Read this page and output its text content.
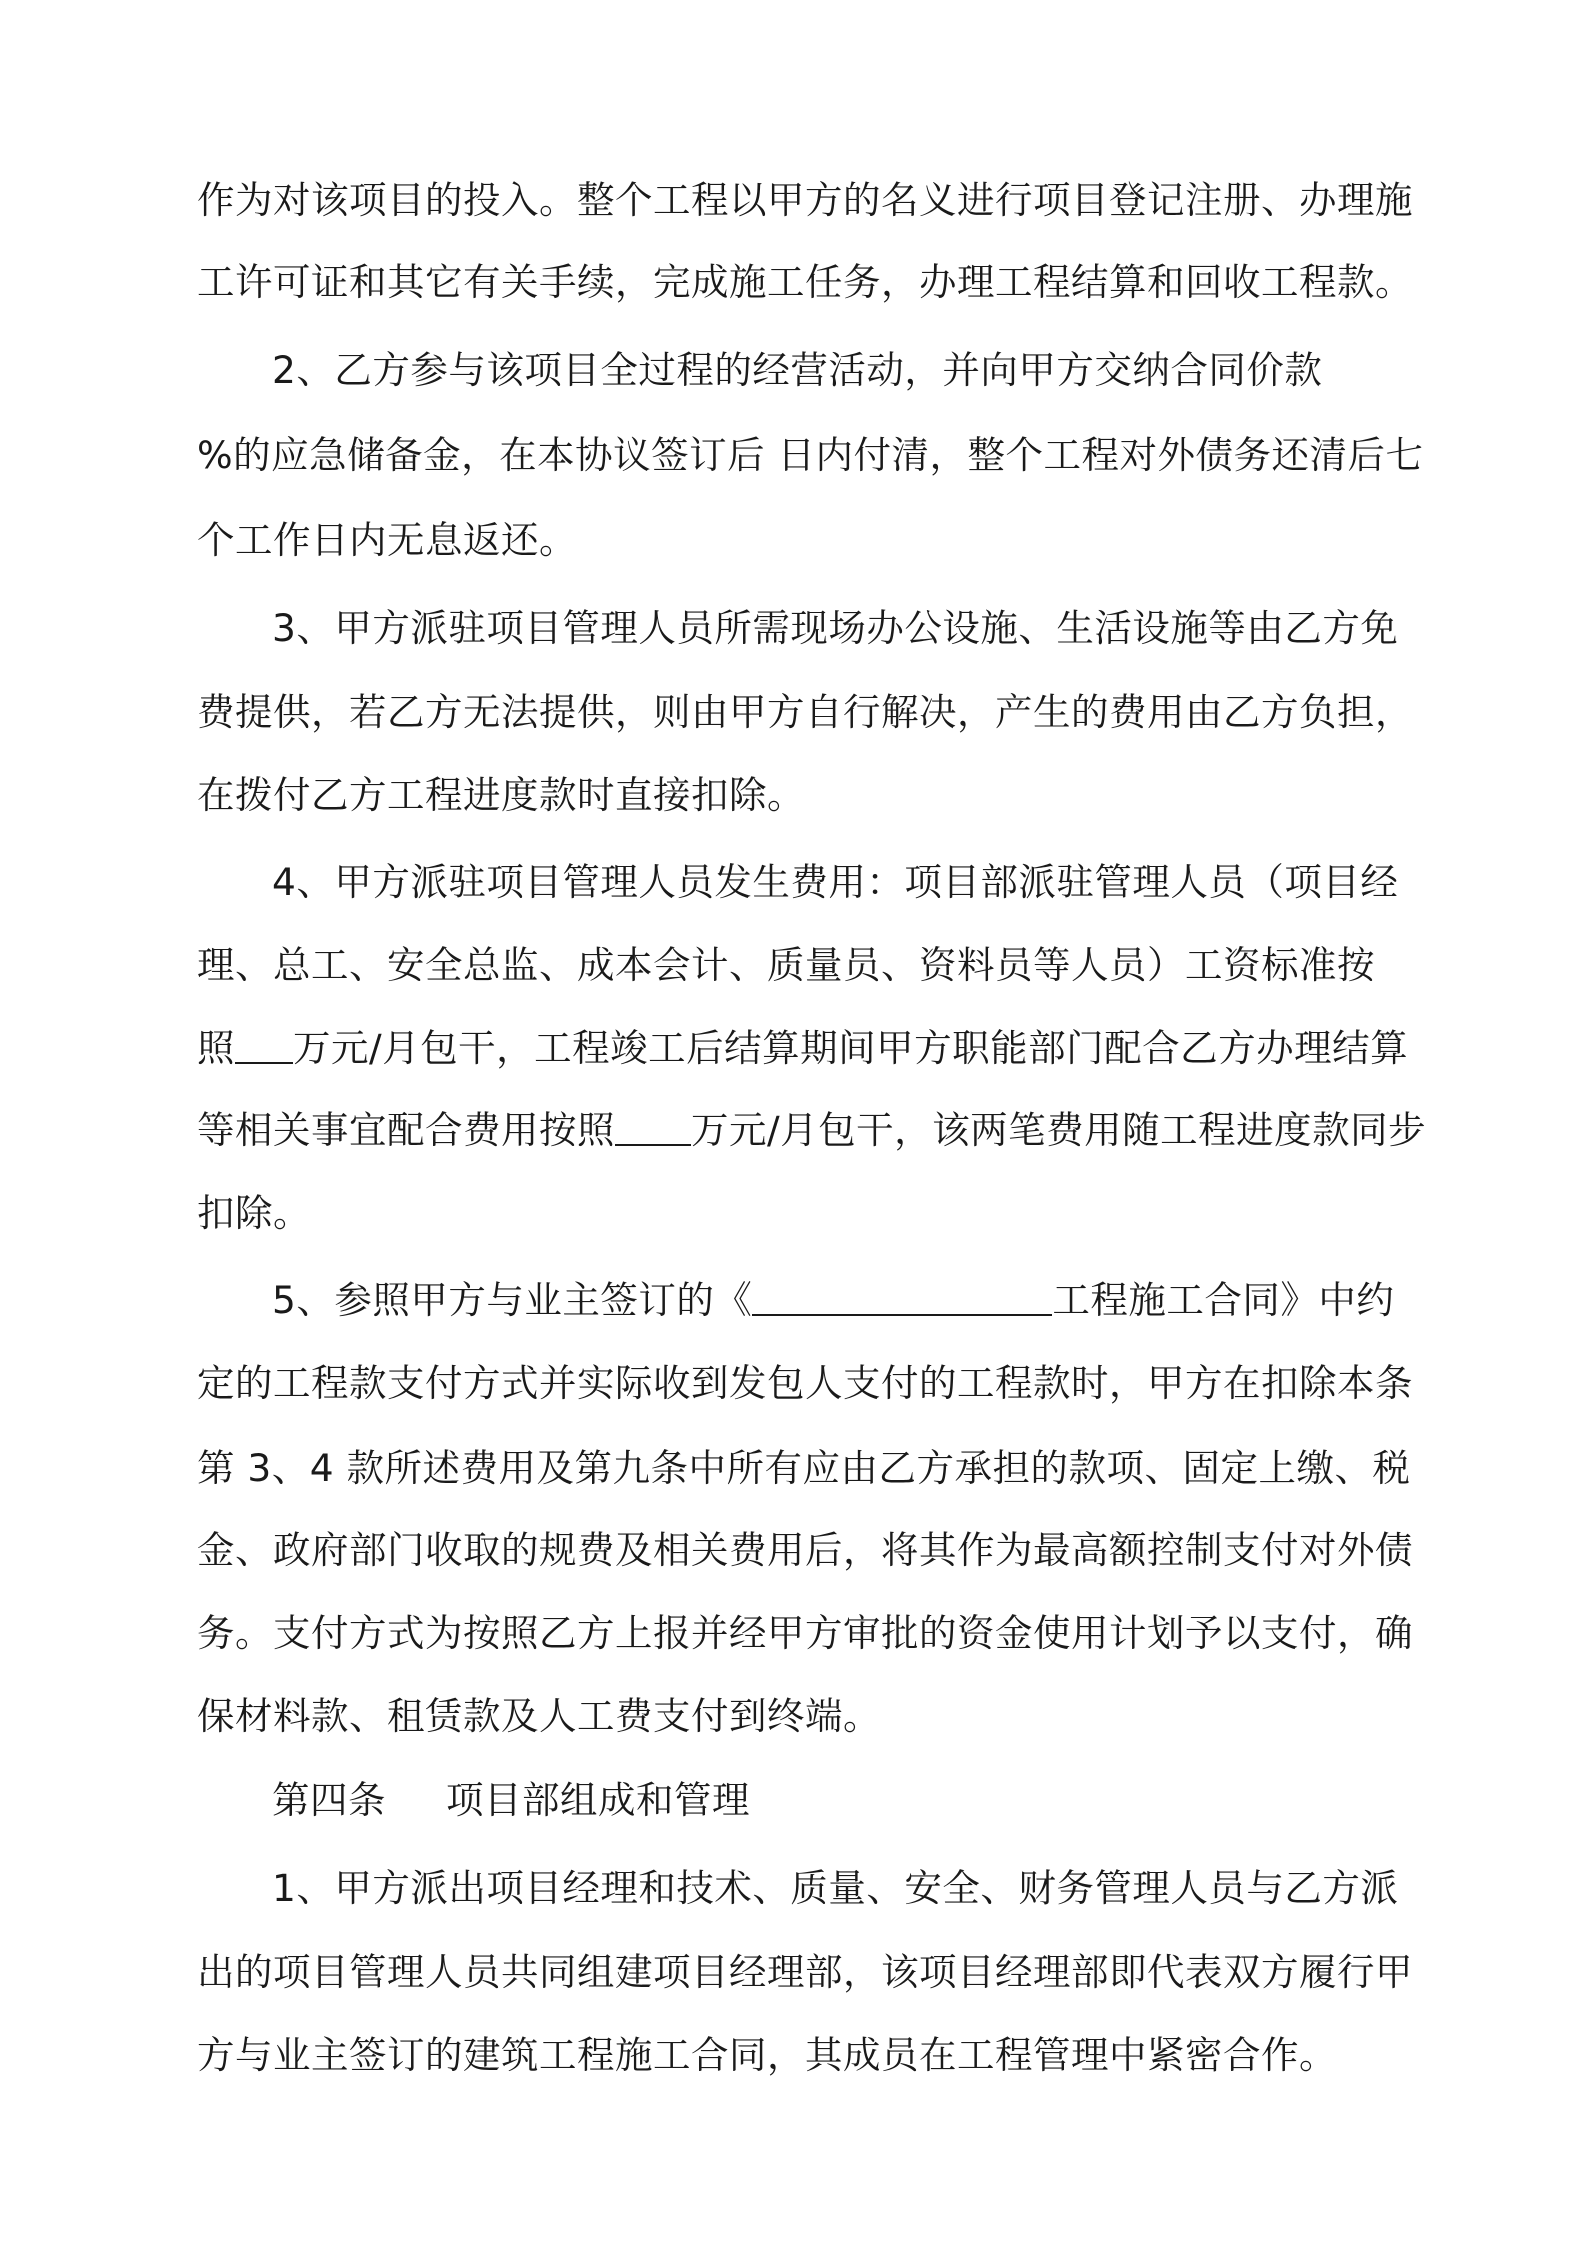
作为对该项目的投入。整个工程以甲方的名义进行项目登记注册、办理施
工许可证和其它有关手续，完成施工任务，办理工程结算和回收工程款。
2、乙方参与该项目全过程的经营活动，并向甲方交纳合同价款
%的应急储备金，在本协议签订后 日内付清，整个工程对外债务还清后七
个工作日内无息返还。
3、甲方派驻项目管理人员所需现场办公设施、生活设施等由乙方免
费提供，若乙方无法提供，则由甲方自行解决，产生的费用由乙方负担，
在拨付乙方工程进度款时直接扣除。
4、甲方派驻项目管理人员发生费用：项目部派驻管理人员（项目经
理、总工、安全总监、成本会计、质量员、资料员等人员）工资标准按
照 万元/月包干，工程竣工后结算期间甲方职能部门配合乙方办理结算
等相关事宜配合费用按照 万元/月包干，该两笔费用随工程进度款同步
扣除。
5、参照甲方与业主签订的《	工程施工合同》中约
定的工程款支付方式并实际收到发包人支付的工程款时，甲方在扣除本条
第 3、4 款所述费用及第九条中所有应由乙方承担的款项、固定上缴、税
金、政府部门收取的规费及相关费用后，将其作为最高额控制支付对外债
务。支付方式为按照乙方上报并经甲方审批的资金使用计划予以支付，确
保材料款、租赁款及人工费支付到终端。
第四条 项目部组成和管理
1、甲方派出项目经理和技术、质量、安全、财务管理人员与乙方派
出的项目管理人员共同组建项目经理部，该项目经理部即代表双方履行甲
方与业主签订的建筑工程施工合同，其成员在工程管理中紧密合作。
